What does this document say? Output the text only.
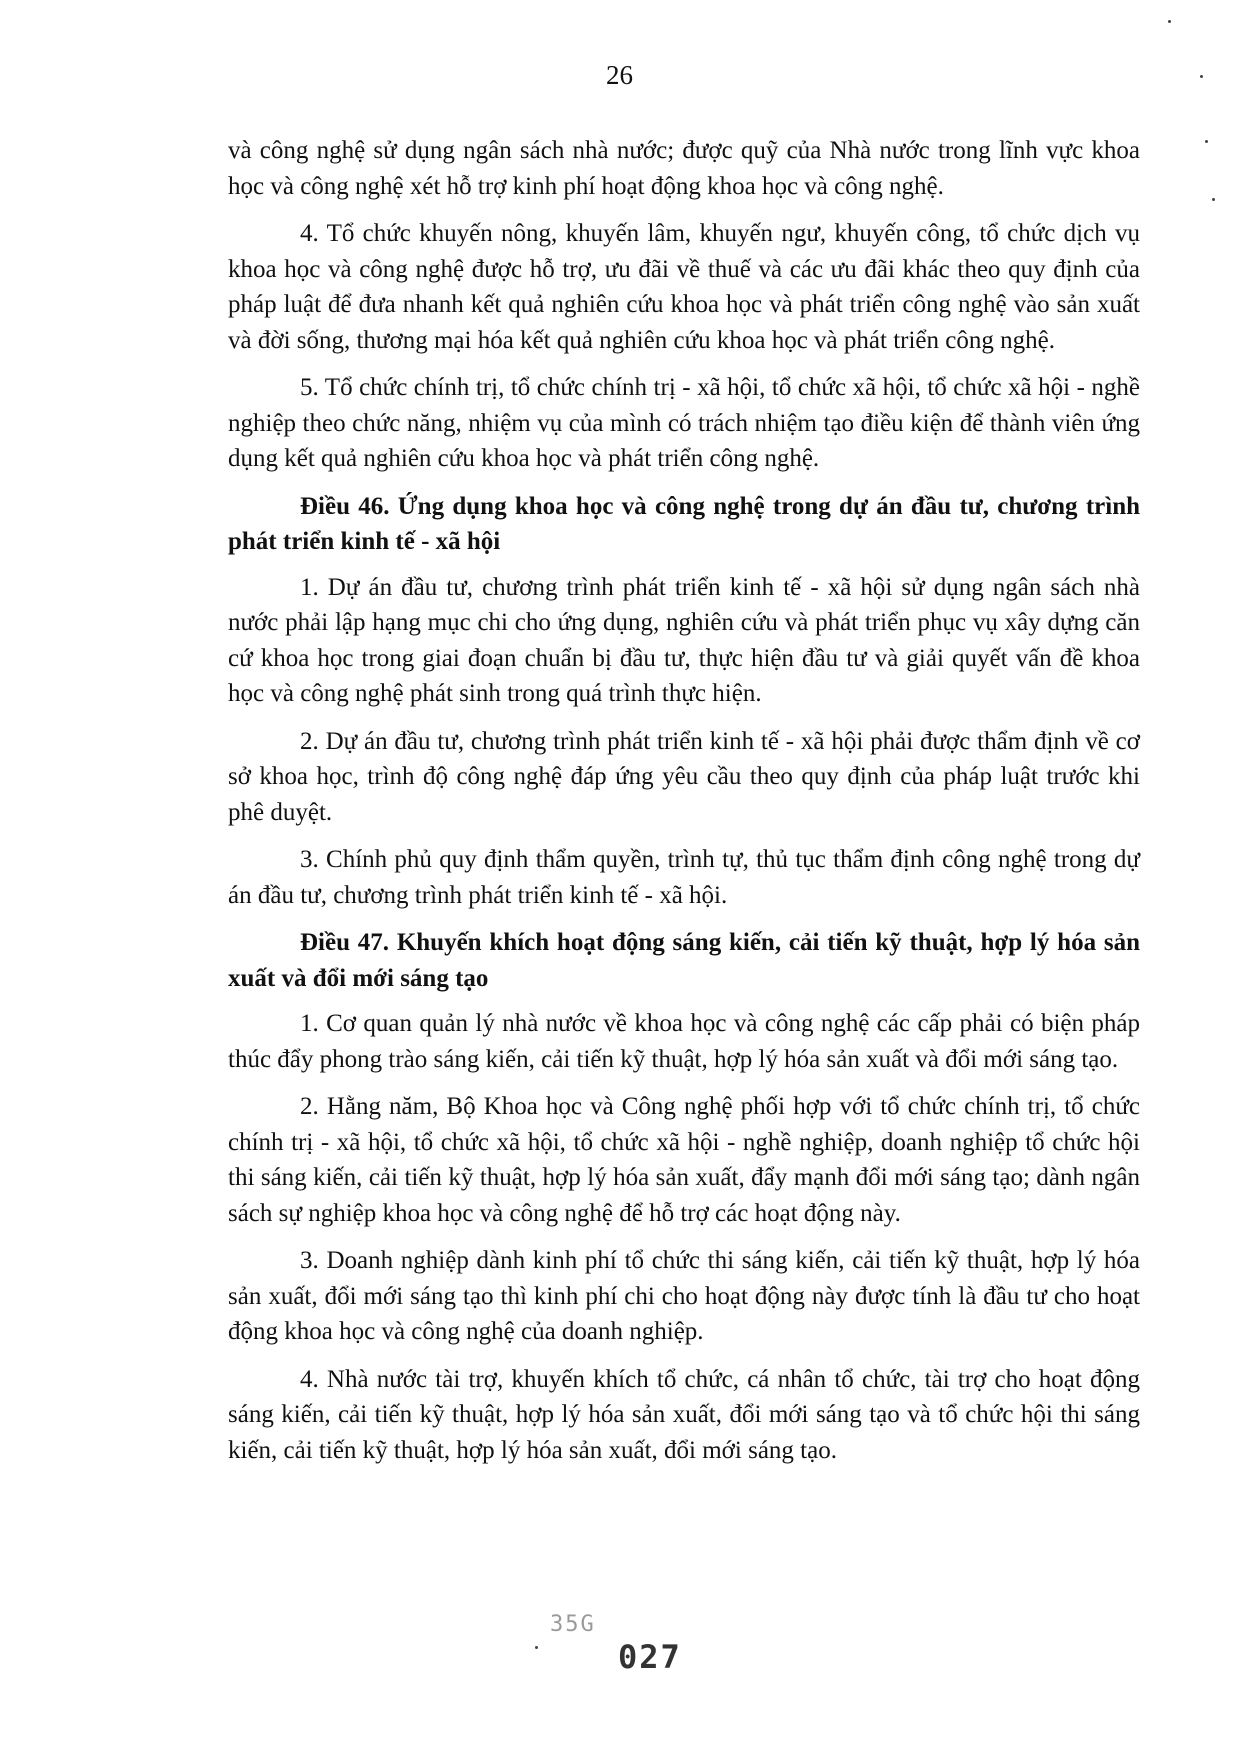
26

và công nghệ sử dụng ngân sách nhà nước; được quỹ của Nhà nước trong lĩnh vực khoa học và công nghệ xét hỗ trợ kinh phí hoạt động khoa học và công nghệ.

4. Tổ chức khuyến nông, khuyến lâm, khuyến ngư, khuyến công, tổ chức dịch vụ khoa học và công nghệ được hỗ trợ, ưu đãi về thuế và các ưu đãi khác theo quy định của pháp luật để đưa nhanh kết quả nghiên cứu khoa học và phát triển công nghệ vào sản xuất và đời sống, thương mại hóa kết quả nghiên cứu khoa học và phát triển công nghệ.

5. Tổ chức chính trị, tổ chức chính trị - xã hội, tổ chức xã hội, tổ chức xã hội - nghề nghiệp theo chức năng, nhiệm vụ của mình có trách nhiệm tạo điều kiện để thành viên ứng dụng kết quả nghiên cứu khoa học và phát triển công nghệ.

Điều 46. Ứng dụng khoa học và công nghệ trong dự án đầu tư, chương trình phát triển kinh tế - xã hội

1. Dự án đầu tư, chương trình phát triển kinh tế - xã hội sử dụng ngân sách nhà nước phải lập hạng mục chi cho ứng dụng, nghiên cứu và phát triển phục vụ xây dựng căn cứ khoa học trong giai đoạn chuẩn bị đầu tư, thực hiện đầu tư và giải quyết vấn đề khoa học và công nghệ phát sinh trong quá trình thực hiện.

2. Dự án đầu tư, chương trình phát triển kinh tế - xã hội phải được thẩm định về cơ sở khoa học, trình độ công nghệ đáp ứng yêu cầu theo quy định của pháp luật trước khi phê duyệt.

3. Chính phủ quy định thẩm quyền, trình tự, thủ tục thẩm định công nghệ trong dự án đầu tư, chương trình phát triển kinh tế - xã hội.

Điều 47. Khuyến khích hoạt động sáng kiến, cải tiến kỹ thuật, hợp lý hóa sản xuất và đổi mới sáng tạo

1. Cơ quan quản lý nhà nước về khoa học và công nghệ các cấp phải có biện pháp thúc đẩy phong trào sáng kiến, cải tiến kỹ thuật, hợp lý hóa sản xuất và đổi mới sáng tạo.

2. Hằng năm, Bộ Khoa học và Công nghệ phối hợp với tổ chức chính trị, tổ chức chính trị - xã hội, tổ chức xã hội, tổ chức xã hội - nghề nghiệp, doanh nghiệp tổ chức hội thi sáng kiến, cải tiến kỹ thuật, hợp lý hóa sản xuất, đẩy mạnh đổi mới sáng tạo; dành ngân sách sự nghiệp khoa học và công nghệ để hỗ trợ các hoạt động này.

3. Doanh nghiệp dành kinh phí tổ chức thi sáng kiến, cải tiến kỹ thuật, hợp lý hóa sản xuất, đổi mới sáng tạo thì kinh phí chi cho hoạt động này được tính là đầu tư cho hoạt động khoa học và công nghệ của doanh nghiệp.

4. Nhà nước tài trợ, khuyến khích tổ chức, cá nhân tổ chức, tài trợ cho hoạt động sáng kiến, cải tiến kỹ thuật, hợp lý hóa sản xuất, đổi mới sáng tạo và tổ chức hội thi sáng kiến, cải tiến kỹ thuật, hợp lý hóa sản xuất, đổi mới sáng tạo.

35G
027
